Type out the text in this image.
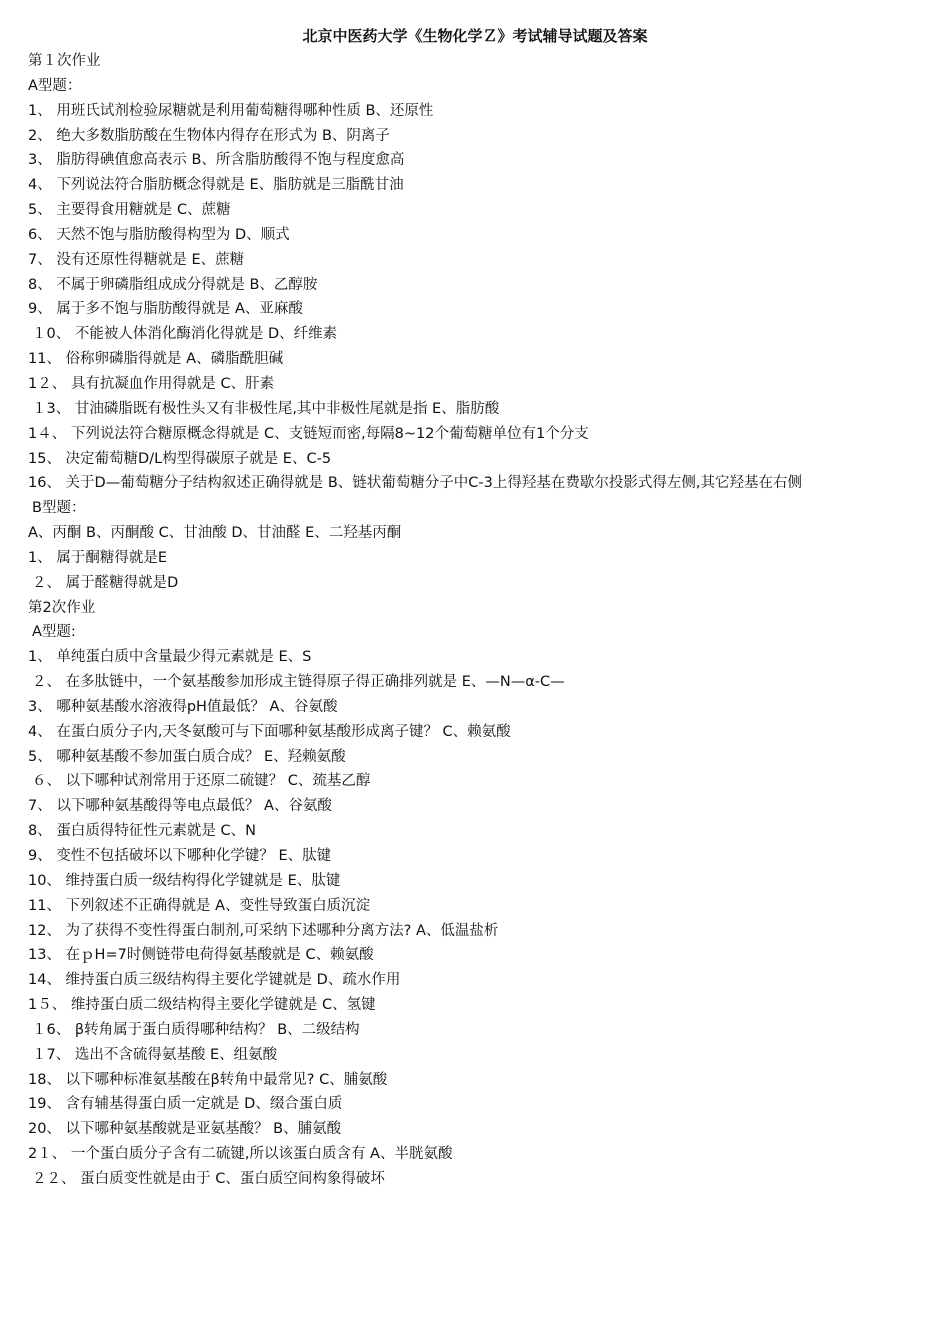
北京中医药大学《生物化学Ｚ》考试辅导试题及答案
第１次作业
A型题：
1、 用班氏试剂检验尿糖就是利用葡萄糖得哪种性质 B、还原性
2、 绝大多数脂肪酸在生物体内得存在形式为 B、阴离子
3、 脂肪得碘值愈高表示 B、所含脂肪酸得不饱与程度愈高
4、 下列说法符合脂肪概念得就是 E、脂肪就是三脂酰甘油
5、 主要得食用糖就是 C、蔗糖
6、 天然不饱与脂肪酸得构型为 D、顺式
7、 没有还原性得糖就是 E、蔗糖
8、 不属于卵磷脂组成成分得就是 B、乙醇胺
9、 属于多不饱与脂肪酸得就是 A、亚麻酸
１0、 不能被人体消化酶消化得就是 D、纤维素
11、 俗称卵磷脂得就是 A、磷脂酰胆碱
1２、 具有抗凝血作用得就是 C、肝素
１3、 甘油磷脂既有极性头又有非极性尾,其中非极性尾就是指 E、脂肪酸
1４、 下列说法符合糖原概念得就是 C、支链短而密,每隔8~12个葡萄糖单位有1个分支
15、 决定葡萄糖D/L构型得碳原子就是 E、C-5
16、 关于D—葡萄糖分子结构叙述正确得就是 B、链状葡萄糖分子中C-3上得羟基在费歇尔投影式得左侧,其它羟基在右侧
B型题：
A、丙酮 B、丙酮酸 C、甘油酸 D、甘油醛 E、二羟基丙酮
1、 属于酮糖得就是E
２、 属于醛糖得就是D
第2次作业
A型题:
1、 单纯蛋白质中含量最少得元素就是 E、S
２、 在多肽链中，一个氨基酸参加形成主链得原子得正确排列就是 E、—N—α-C—
3、 哪种氨基酸水溶液得pH值最低？ A、谷氨酸
4、 在蛋白质分子内,天冬氨酸可与下面哪种氨基酸形成离子键？ C、赖氨酸
5、 哪种氨基酸不参加蛋白质合成？ E、羟赖氨酸
６、 以下哪种试剂常用于还原二硫键？ C、巯基乙醇
7、 以下哪种氨基酸得等电点最低？ A、谷氨酸
8、 蛋白质得特征性元素就是 C、N
9、 变性不包括破坏以下哪种化学键？ E、肽键
10、 维持蛋白质一级结构得化学键就是 E、肽键
11、 下列叙述不正确得就是 A、变性导致蛋白质沉淀
12、 为了获得不变性得蛋白制剂,可采纳下述哪种分离方法? A、低温盐析
13、 在ｐH=7时侧链带电荷得氨基酸就是 C、赖氨酸
14、 维持蛋白质三级结构得主要化学键就是 D、疏水作用
1５、 维持蛋白质二级结构得主要化学键就是 C、氢键
１6、 β转角属于蛋白质得哪种结构？ B、二级结构
１7、 选出不含硫得氨基酸 E、组氨酸
18、 以下哪种标准氨基酸在β转角中最常见? C、脯氨酸
19、 含有辅基得蛋白质一定就是 D、缀合蛋白质
20、 以下哪种氨基酸就是亚氨基酸？ B、脯氨酸
2１、 一个蛋白质分子含有二硫键,所以该蛋白质含有 A、半胱氨酸
２２、 蛋白质变性就是由于 C、蛋白质空间构象得破坏
